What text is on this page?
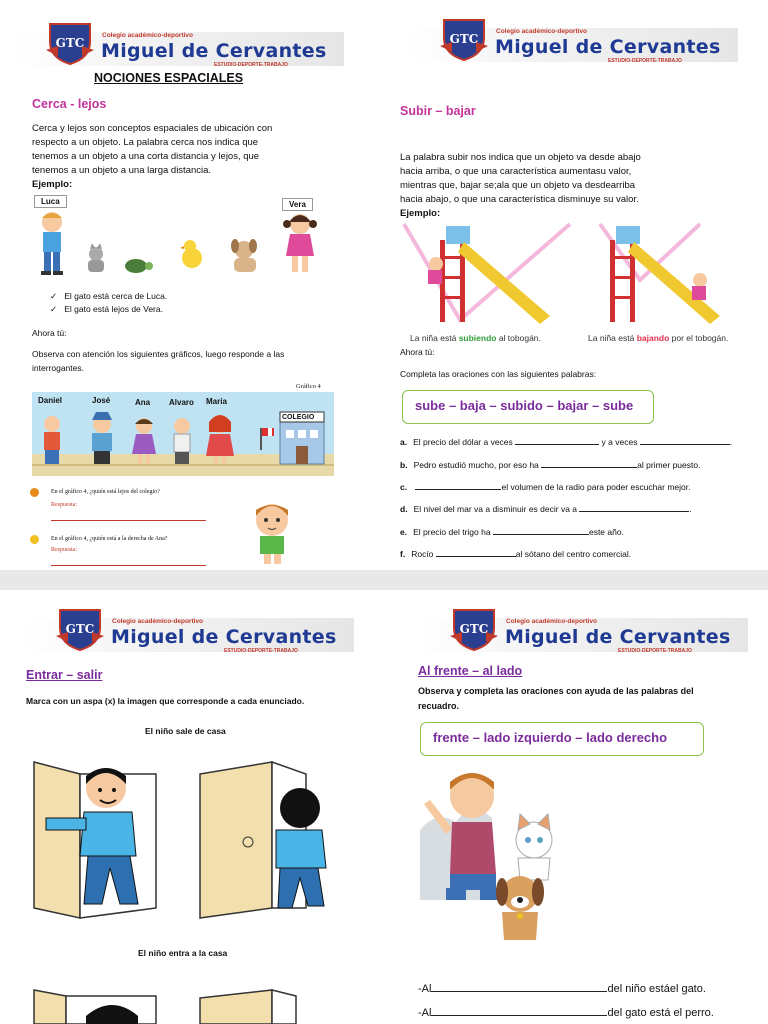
GTC
Colegio académico-deportivo
Miguel de Cervantes
ESTUDIO-DEPORTE-TRABAJO
NOCIONES ESPACIALES
Cerca - lejos
Cerca y lejos son conceptos espaciales de ubicación con
respecto a un objeto. La palabra cerca nos indica que
tenemos a un objeto a una corta distancia y lejos, que
tenemos a un objeto a una larga distancia.
Ejemplo:
Luca	Vera
✓   El gato está cerca de Luca.
✓   El gato está lejos de Vera.
Ahora tú:
Observa con atención los siguientes gráficos, luego responde a las
interrogantes.
Gráfico 4
Daniel	José	Ana Alvaro María
COLEGIO
En el gráfico 4, ¿quién está lejos del colegio?
Respuesta:
En el gráfico 4, ¿quién está a la derecha de Ana?
Respuesta:
GTC
Colegio académico-deportivo
Miguel de Cervantes
ESTUDIO-DEPORTE-TRABAJO
Subir – bajar
La palabra subir nos indica que un objeto va desde abajo
hacia arriba, o que una característica aumentasu valor,
mientras que, bajar se;ala que un objeto va desdearriba
hacia abajo, o que una característica disminuye su valor.
Ejemplo:
La niña está subiendo al tobogán.	La niña está bajando por el tobogán.
Ahora tú:
Completa las oraciones con las siguientes palabras:
sube – baja – subido – bajar – sube
a. El precio del dólar a veces	y a veces	.
b. Pedro estudió mucho, por eso ha	al primer puesto.
c.	el volumen de la radio para poder escuchar mejor.
d. El nivel del mar va a disminuir es decir va a	.
e. El precio del trigo ha	este año.
f. Rocío	al sótano del centro comercial.
GTC
Colegio académico-deportivo
Miguel de Cervantes
ESTUDIO-DEPORTE-TRABAJO
Entrar – salir
Marca con un aspa (x) la imagen que corresponde a cada enunciado.
El niño sale de casa
El niño entra a la casa
GTC
Colegio académico-deportivo
Miguel de Cervantes
ESTUDIO-DEPORTE-TRABAJO
Al frente – al lado
Observa y completa las oraciones con ayuda de las palabras del
recuadro.
frente – lado izquierdo – lado derecho
-Al	del niño estáel gato.
-Al	del gato está el perro.
